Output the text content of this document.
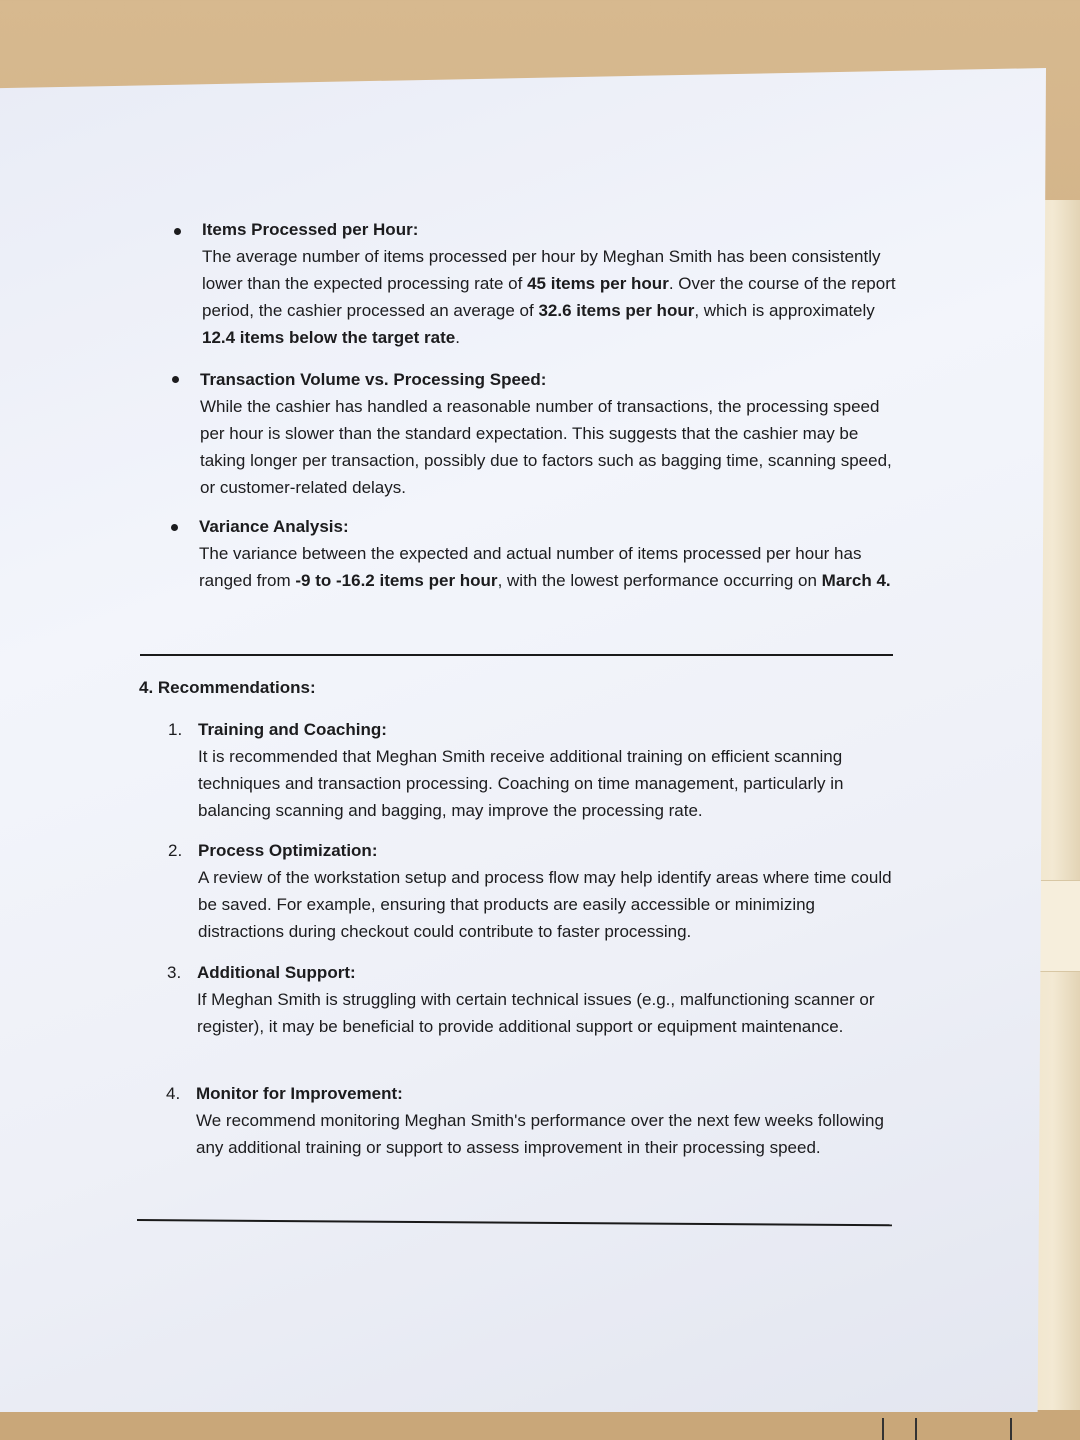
Items Processed per Hour:
The average number of items processed per hour by Meghan Smith has been consistently lower than the expected processing rate of 45 items per hour. Over the course of the report period, the cashier processed an average of 32.6 items per hour, which is approximately 12.4 items below the target rate.
Transaction Volume vs. Processing Speed:
While the cashier has handled a reasonable number of transactions, the processing speed per hour is slower than the standard expectation. This suggests that the cashier may be taking longer per transaction, possibly due to factors such as bagging time, scanning speed, or customer-related delays.
Variance Analysis:
The variance between the expected and actual number of items processed per hour has ranged from -9 to -16.2 items per hour, with the lowest performance occurring on March 4.
4. Recommendations:
1. Training and Coaching:
It is recommended that Meghan Smith receive additional training on efficient scanning techniques and transaction processing. Coaching on time management, particularly in balancing scanning and bagging, may improve the processing rate.
2. Process Optimization:
A review of the workstation setup and process flow may help identify areas where time could be saved. For example, ensuring that products are easily accessible or minimizing distractions during checkout could contribute to faster processing.
3. Additional Support:
If Meghan Smith is struggling with certain technical issues (e.g., malfunctioning scanner or register), it may be beneficial to provide additional support or equipment maintenance.
4. Monitor for Improvement:
We recommend monitoring Meghan Smith's performance over the next few weeks following any additional training or support to assess improvement in their processing speed.
